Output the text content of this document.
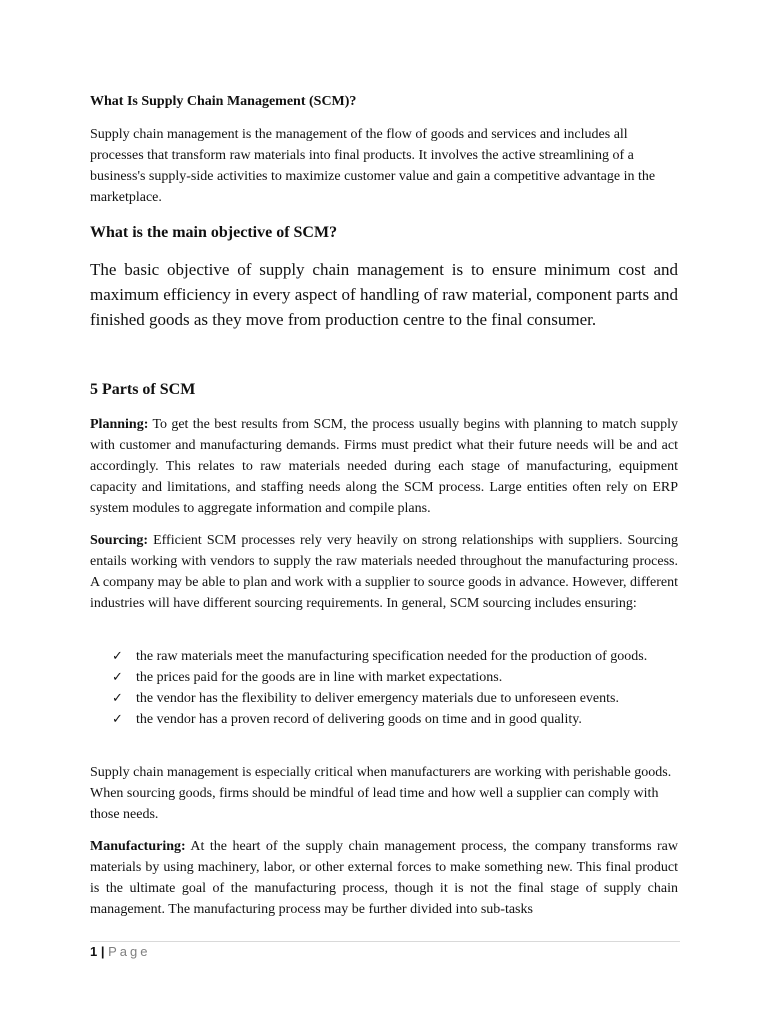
What Is Supply Chain Management (SCM)?

Supply chain management is the management of the flow of goods and services and includes all processes that transform raw materials into final products. It involves the active streamlining of a business's supply-side activities to maximize customer value and gain a competitive advantage in the marketplace.

What is the main objective of SCM?

The basic objective of supply chain management is to ensure minimum cost and maximum efficiency in every aspect of handling of raw material, component parts and finished goods as they move from production centre to the final consumer.

5 Parts of SCM

Planning: To get the best results from SCM, the process usually begins with planning to match supply with customer and manufacturing demands. Firms must predict what their future needs will be and act accordingly. This relates to raw materials needed during each stage of manufacturing, equipment capacity and limitations, and staffing needs along the SCM process. Large entities often rely on ERP system modules to aggregate information and compile plans.

Sourcing: Efficient SCM processes rely very heavily on strong relationships with suppliers. Sourcing entails working with vendors to supply the raw materials needed throughout the manufacturing process. A company may be able to plan and work with a supplier to source goods in advance. However, different industries will have different sourcing requirements. In general, SCM sourcing includes ensuring:

✓ the raw materials meet the manufacturing specification needed for the production of goods.
✓ the prices paid for the goods are in line with market expectations.
✓ the vendor has the flexibility to deliver emergency materials due to unforeseen events.
✓ the vendor has a proven record of delivering goods on time and in good quality.

Supply chain management is especially critical when manufacturers are working with perishable goods. When sourcing goods, firms should be mindful of lead time and how well a supplier can comply with those needs.

Manufacturing: At the heart of the supply chain management process, the company transforms raw materials by using machinery, labor, or other external forces to make something new. This final product is the ultimate goal of the manufacturing process, though it is not the final stage of supply chain management. The manufacturing process may be further divided into sub-tasks

1 | Page
